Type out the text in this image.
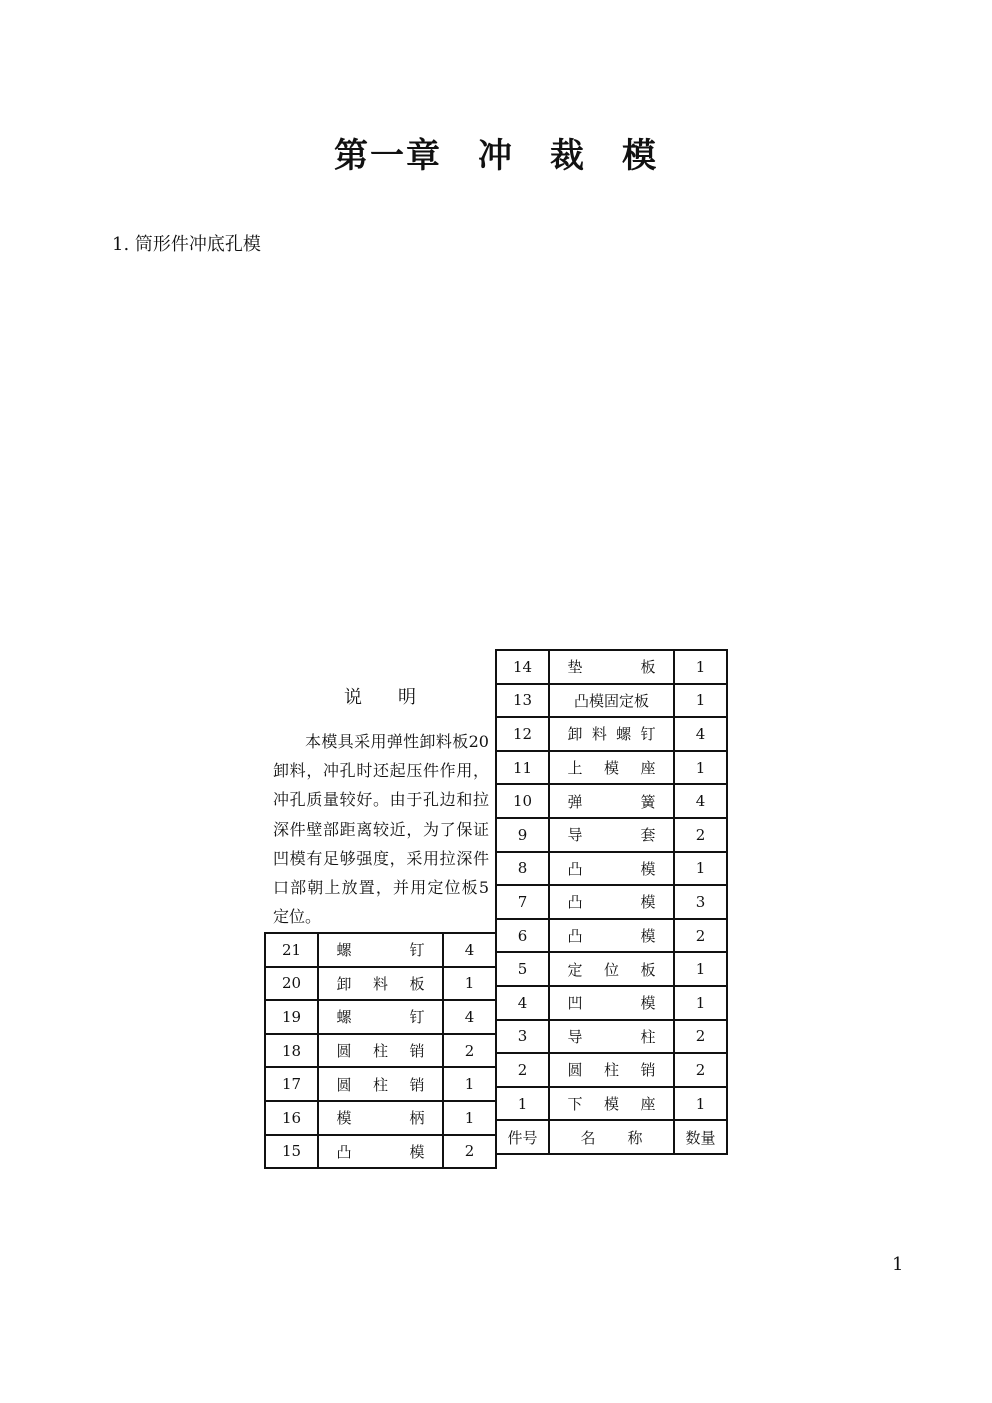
第一章　冲　裁　模
1. 筒形件冲底孔模
说　　明
本模具采用弹性卸料板20卸料，冲孔时还起压件作用，冲孔质量较好。由于孔边和拉深件壁部距离较近，为了保证凹模有足够强度，采用拉深件口部朝上放置，并用定位板5定位。
14	垫 板	1
13	凸模固定板	1
12	卸 料 螺 钉	4
11	上 模 座	1
10	弹 簧	4
9	导 套	2
8	凸 模	1
7	凸 模	3
6	凸 模	2
5	定 位 板	1
4	凹 模	1
3	导 柱	2
2	圆 柱 销	2
1	下 模 座	1
件号	名 称	数量
21	螺 钉	4
20	卸 料 板	1
19	螺 钉	4
18	圆 柱 销	2
17	圆 柱 销	1
16	模 柄	1
15	凸 模	2
1
